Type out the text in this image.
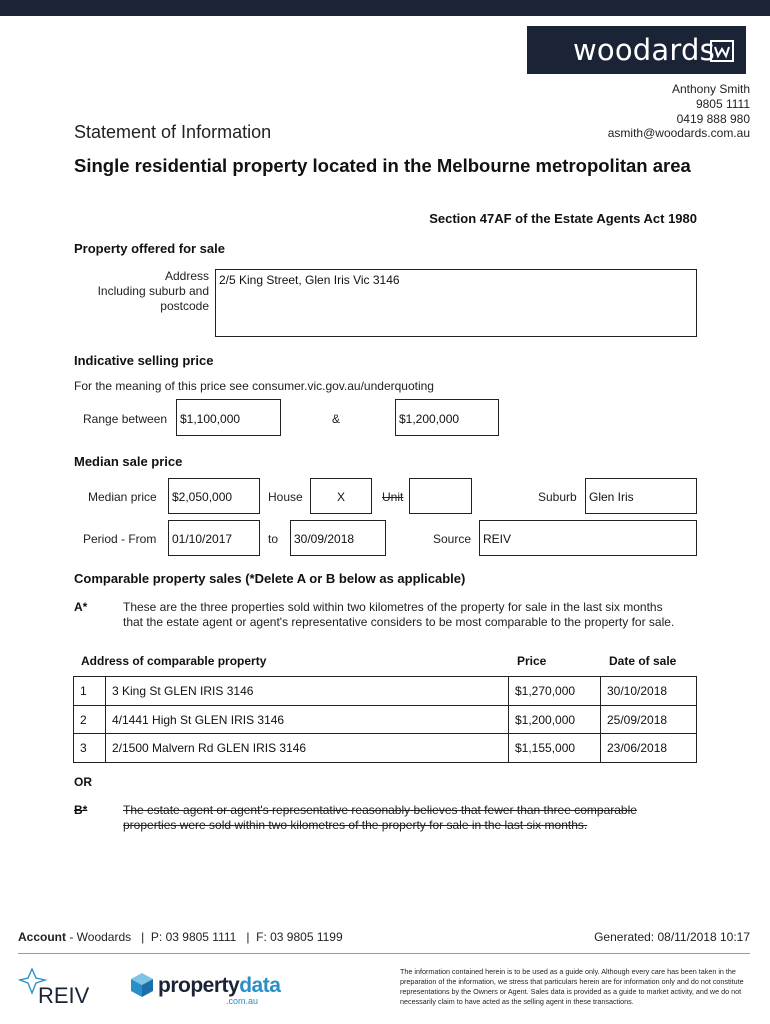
woodards
Anthony Smith
9805 1111
0419 888 980
asmith@woodards.com.au
Statement of Information
Single residential property located in the Melbourne metropolitan area
Section 47AF of the Estate Agents Act 1980
Property offered for sale
Address
Including suburb and
postcode
2/5 King Street, Glen Iris Vic 3146
Indicative selling price
For the meaning of this price see consumer.vic.gov.au/underquoting
Range between	$1,100,000	&	$1,200,000
Median sale price
Median price	$2,050,000	House	X	Unit	Suburb	Glen Iris
Period - From	01/10/2017	to	30/09/2018	Source REIV
Comparable property sales (*Delete A or B below as applicable)
A*	These are the three properties sold within two kilometres of the property for sale in the last six months that the estate agent or agent's representative considers to be most comparable to the property for sale.
Address of comparable property	Price	Date of sale
1	3 King St GLEN IRIS 3146	$1,270,000	30/10/2018
2	4/1441 High St GLEN IRIS 3146	$1,200,000	25/09/2018
3	2/1500 Malvern Rd GLEN IRIS 3146	$1,155,000	23/06/2018
OR
B*	The estate agent or agent's representative reasonably believes that fewer than three comparable properties were sold within two kilometres of the property for sale in the last six months.
Account - Woodards   |  P: 03 9805 1111   |  F: 03 9805 1199	Generated: 08/11/2018 10:17
REIV	propertydata
.com.au
The information contained herein is to be used as a guide only. Although every care has been taken in the preparation of the information, we stress that particulars herein are for information only and do not constitute representations by the Owners or Agent. Sales data is provided as a guide to market activity, and we do not necessarily claim to have acted as the selling agent in these transactions.
